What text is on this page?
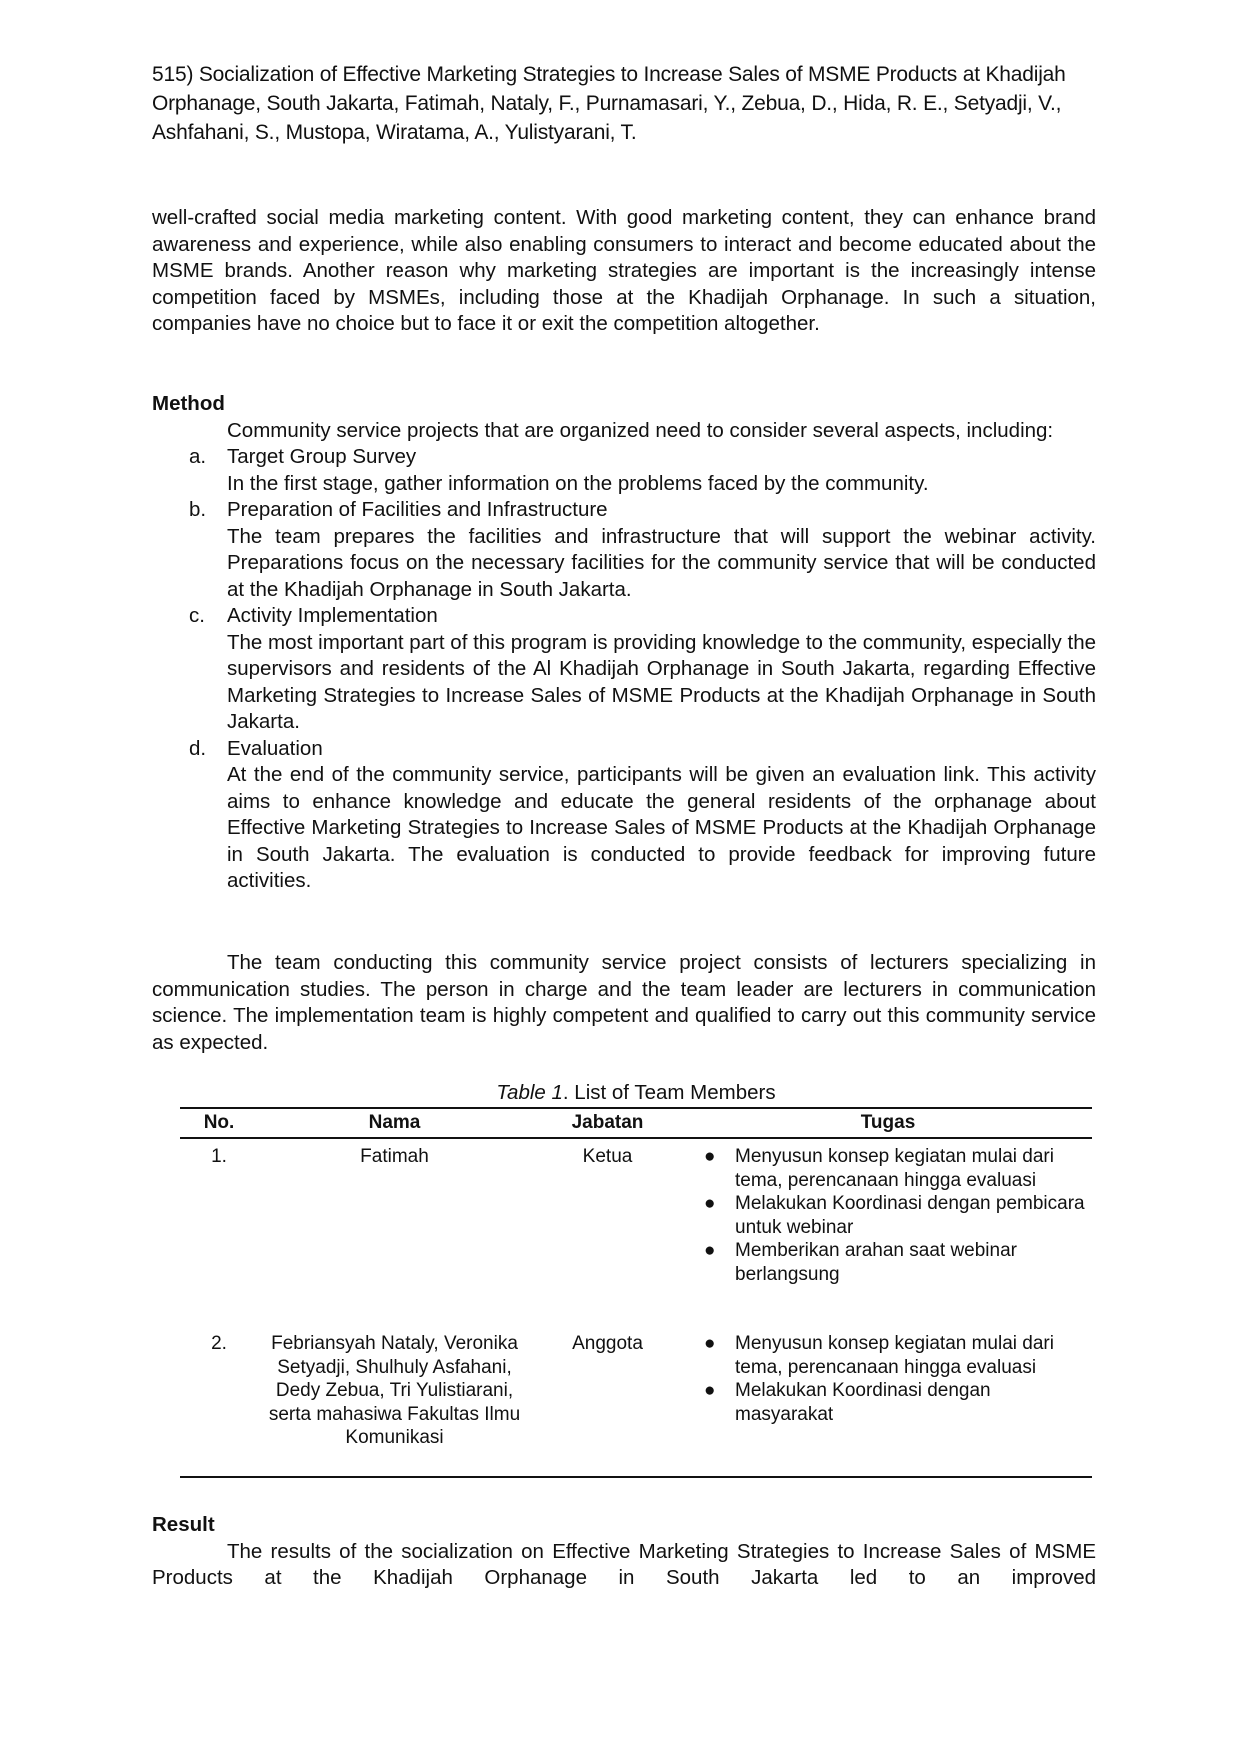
515) Socialization of Effective Marketing Strategies to Increase Sales of MSME Products at Khadijah Orphanage, South Jakarta, Fatimah, Nataly, F., Purnamasari, Y., Zebua, D., Hida, R. E., Setyadji, V., Ashfahani, S., Mustopa, Wiratama, A., Yulistyarani, T.

well-crafted social media marketing content. With good marketing content, they can enhance brand awareness and experience, while also enabling consumers to interact and become educated about the MSME brands. Another reason why marketing strategies are important is the increasingly intense competition faced by MSMEs, including those at the Khadijah Orphanage. In such a situation, companies have no choice but to face it or exit the competition altogether.

Method
Community service projects that are organized need to consider several aspects, including:
a.	Target Group Survey
In the first stage, gather information on the problems faced by the community.
b.	Preparation of Facilities and Infrastructure
The team prepares the facilities and infrastructure that will support the webinar activity. Preparations focus on the necessary facilities for the community service that will be conducted at the Khadijah Orphanage in South Jakarta.
c.	Activity Implementation
The most important part of this program is providing knowledge to the community, especially the supervisors and residents of the Al Khadijah Orphanage in South Jakarta, regarding Effective Marketing Strategies to Increase Sales of MSME Products at the Khadijah Orphanage in South Jakarta.
d.	Evaluation
At the end of the community service, participants will be given an evaluation link. This activity aims to enhance knowledge and educate the general residents of the orphanage about Effective Marketing Strategies to Increase Sales of MSME Products at the Khadijah Orphanage in South Jakarta. The evaluation is conducted to provide feedback for improving future activities.

The team conducting this community service project consists of lecturers specializing in communication studies. The person in charge and the team leader are lecturers in communication science. The implementation team is highly competent and qualified to carry out this community service as expected.

Table 1. List of Team Members
No.	Nama	Jabatan	Tugas
1.	Fatimah	Ketua	● Menyusun konsep kegiatan mulai dari tema, perencanaan hingga evaluasi
● Melakukan Koordinasi dengan pembicara untuk webinar
● Memberikan arahan saat webinar berlangsung

2.	Febriansyah Nataly, Veronika Setyadji, Shulhuly Asfahani, Dedy Zebua, Tri Yulistiarani, serta mahasiwa Fakultas Ilmu Komunikasi	Anggota	● Menyusun konsep kegiatan mulai dari tema, perencanaan hingga evaluasi
● Melakukan Koordinasi dengan masyarakat
Result
The results of the socialization on Effective Marketing Strategies to Increase Sales of MSME Products at the Khadijah Orphanage in South Jakarta led to an improved
